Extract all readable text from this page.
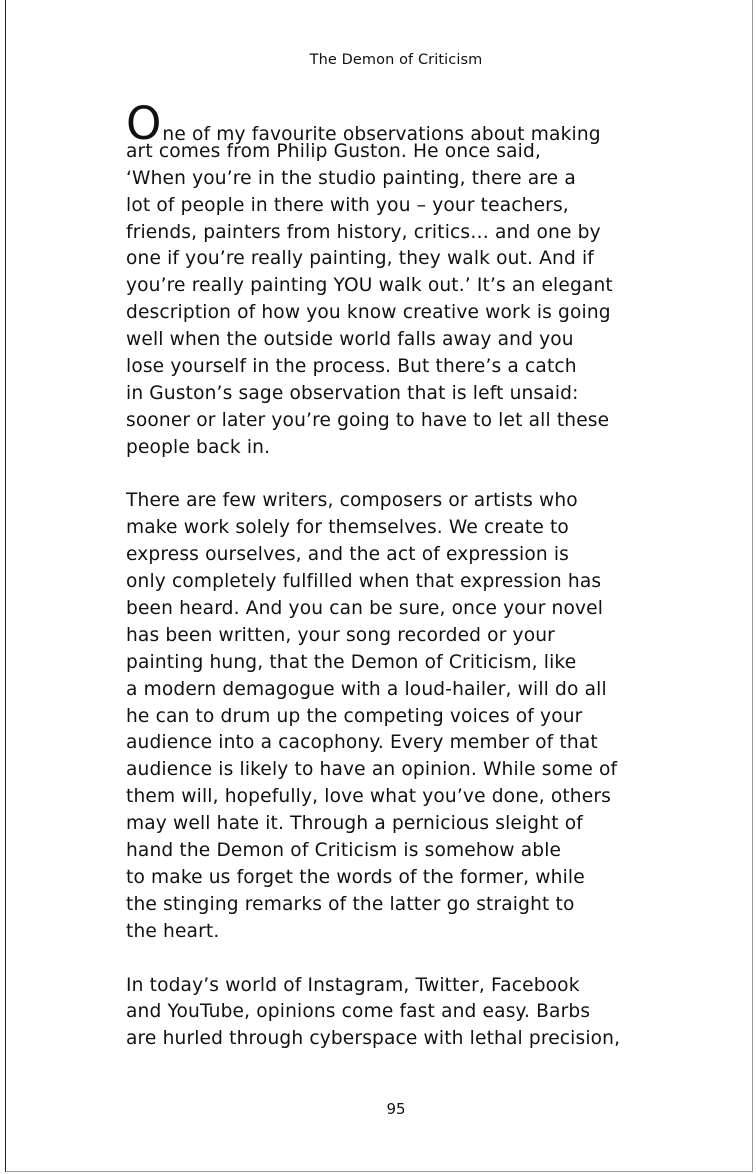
The Demon of Criticism
One of my favourite observations about making
art comes from Philip Guston. He once said,
‘When you’re in the studio painting, there are a
lot of people in there with you – your teachers,
friends, painters from history, critics… and one by
one if you’re really painting, they walk out. And if
you’re really painting YOU walk out.’ It’s an elegant
description of how you know creative work is going
well when the outside world falls away and you
lose yourself in the process. But there’s a catch
in Guston’s sage observation that is left unsaid:
sooner or later you’re going to have to let all these
people back in.
There are few writers, composers or artists who
make work solely for themselves. We create to
express ourselves, and the act of expression is
only completely fulfilled when that expression has
been heard. And you can be sure, once your novel
has been written, your song recorded or your
painting hung, that the Demon of Criticism, like
a modern demagogue with a loud-hailer, will do all
he can to drum up the competing voices of your
audience into a cacophony. Every member of that
audience is likely to have an opinion. While some of
them will, hopefully, love what you’ve done, others
may well hate it. Through a pernicious sleight of
hand the Demon of Criticism is somehow able
to make us forget the words of the former, while
the stinging remarks of the latter go straight to
the heart.
In today’s world of Instagram, Twitter, Facebook
and YouTube, opinions come fast and easy. Barbs
are hurled through cyberspace with lethal precision,
95
